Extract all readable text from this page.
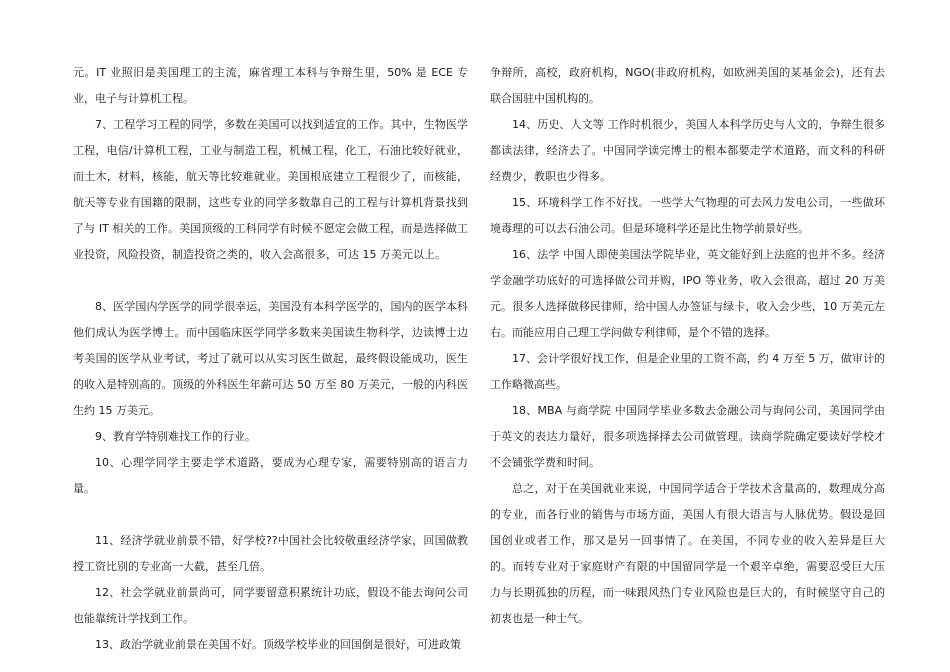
元。IT 业照旧是美国理工的主流，麻省理工本科与争辩生里，50% 是 ECE 专业，电子与计算机工程。

7、工程学习工程的同学，多数在美国可以找到适宜的工作。其中，生物医学工程，电信/计算机工程，工业与制造工程，机械工程，化工，石油比较好就业，而土木，材料，核能，航天等比较难就业。美国根底建立工程很少了，而核能，航天等专业有国籍的限制，这些专业的同学多数靠自己的工程与计算机背景找到了与 IT 相关的工作。美国顶级的工科同学有时候不愿定会做工程，而是选择做工业投资，风险投资，制造投资之类的，收入会高很多，可达 15 万美元以上。

8、医学国内学医学的同学很幸运，美国没有本科学医学的，国内的医学本科他们成认为医学博士。而中国临床医学同学多数来美国读生物科学，边读博士边考美国的医学从业考试，考过了就可以从实习医生做起，最终假设能成功，医生的收入是特别高的。顶级的外科医生年薪可达 50 万至 80 万美元，一般的内科医生约 15 万美元。

9、教育学特别难找工作的行业。

10、心理学同学主要走学术道路，要成为心理专家，需要特别高的语言力量。

11、经济学就业前景不错，好学校??中国社会比较敬重经济学家，回国做教授工资比别的专业高一大截，甚至几倍。

12、社会学就业前景尚可，同学要留意积累统计功底，假设不能去询问公司也能靠统计学找到工作。

13、政治学就业前景在美国不好。顶级学校毕业的回国倒是很好，可进政策

争辩所，高校，政府机构，NGO(非政府机构，如欧洲美国的某基金会)，还有去联合国驻中国机构的。

14、历史、人文等 工作时机很少，美国人本科学历史与人文的，争辩生很多都读法律，经济去了。中国同学读完博士的根本都要走学术道路，而文科的科研经费少，教职也少得多。

15、环境科学工作不好找。一些学大气物理的可去风力发电公司，一些做环境毒理的可以去石油公司。但是环境科学还是比生物学前景好些。

16、法学 中国人即使美国法学院毕业，英文能好到上法庭的也并不多。经济学金融学功底好的可选择做公司并购，IPO 等业务，收入会很高，超过 20 万美元。很多人选择做移民律师，给中国人办签证与绿卡，收入会少些，10 万美元左右。而能应用自己理工学问做专利律师，是个不错的选择。

17、会计学很好找工作，但是企业里的工资不高，约 4 万至 5 万，做审计的工作略微高些。

18、MBA 与商学院 中国同学毕业多数去金融公司与询问公司，美国同学由于英文的表达力量好，很多项选择择去公司做管理。读商学院确定要读好学校才不会铺张学费和时间。

总之，对于在美国就业来说，中国同学适合于学技术含量高的，数理成分高的专业，而各行业的销售与市场方面，美国人有很大语言与人脉优势。假设是回国创业或者工作，那又是另一回事情了。在美国，不同专业的收入差异是巨大的。而转专业对于家庭财产有限的中国留同学是一个艰辛卓绝，需要忍受巨大压力与长期孤独的历程，而一味跟风热门专业风险也是巨大的，有时候坚守自己的初衷也是一种士气。
